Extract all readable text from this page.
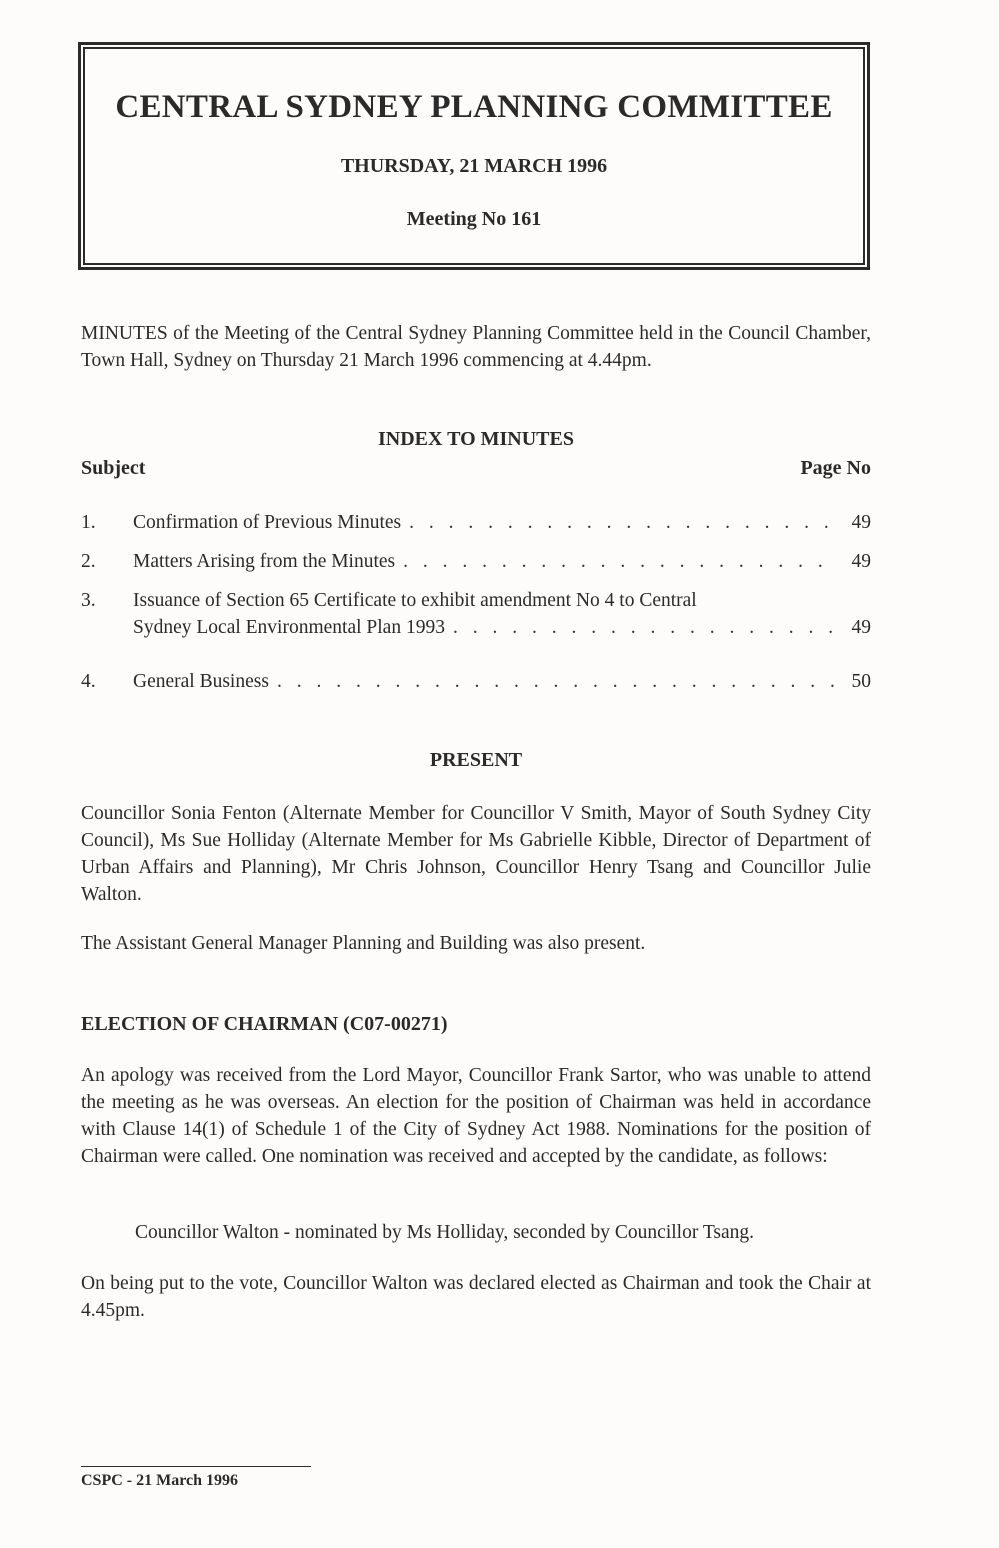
CENTRAL SYDNEY PLANNING COMMITTEE
THURSDAY, 21 MARCH 1996
Meeting No 161
MINUTES of the Meeting of the Central Sydney Planning Committee held in the Council Chamber, Town Hall, Sydney on Thursday 21 March 1996 commencing at 4.44pm.
INDEX TO MINUTES
Subject	Page No
1. Confirmation of Previous Minutes . . .	49
2. Matters Arising from the Minutes . . .	49
3. Issuance of Section 65 Certificate to exhibit amendment No 4 to Central
Sydney Local Environmental Plan 1993 . . .	49
4. General Business . . .	50
PRESENT
Councillor Sonia Fenton (Alternate Member for Councillor V Smith, Mayor of South Sydney City Council), Ms Sue Holliday (Alternate Member for Ms Gabrielle Kibble, Director of Department of Urban Affairs and Planning), Mr Chris Johnson, Councillor Henry Tsang and Councillor Julie Walton.
The Assistant General Manager Planning and Building was also present.
ELECTION OF CHAIRMAN (C07-00271)
An apology was received from the Lord Mayor, Councillor Frank Sartor, who was unable to attend the meeting as he was overseas. An election for the position of Chairman was held in accordance with Clause 14(1) of Schedule 1 of the City of Sydney Act 1988. Nominations for the position of Chairman were called. One nomination was received and accepted by the candidate, as follows:
Councillor Walton - nominated by Ms Holliday, seconded by Councillor Tsang.
On being put to the vote, Councillor Walton was declared elected as Chairman and took the Chair at 4.45pm.
CSPC - 21 March 1996
